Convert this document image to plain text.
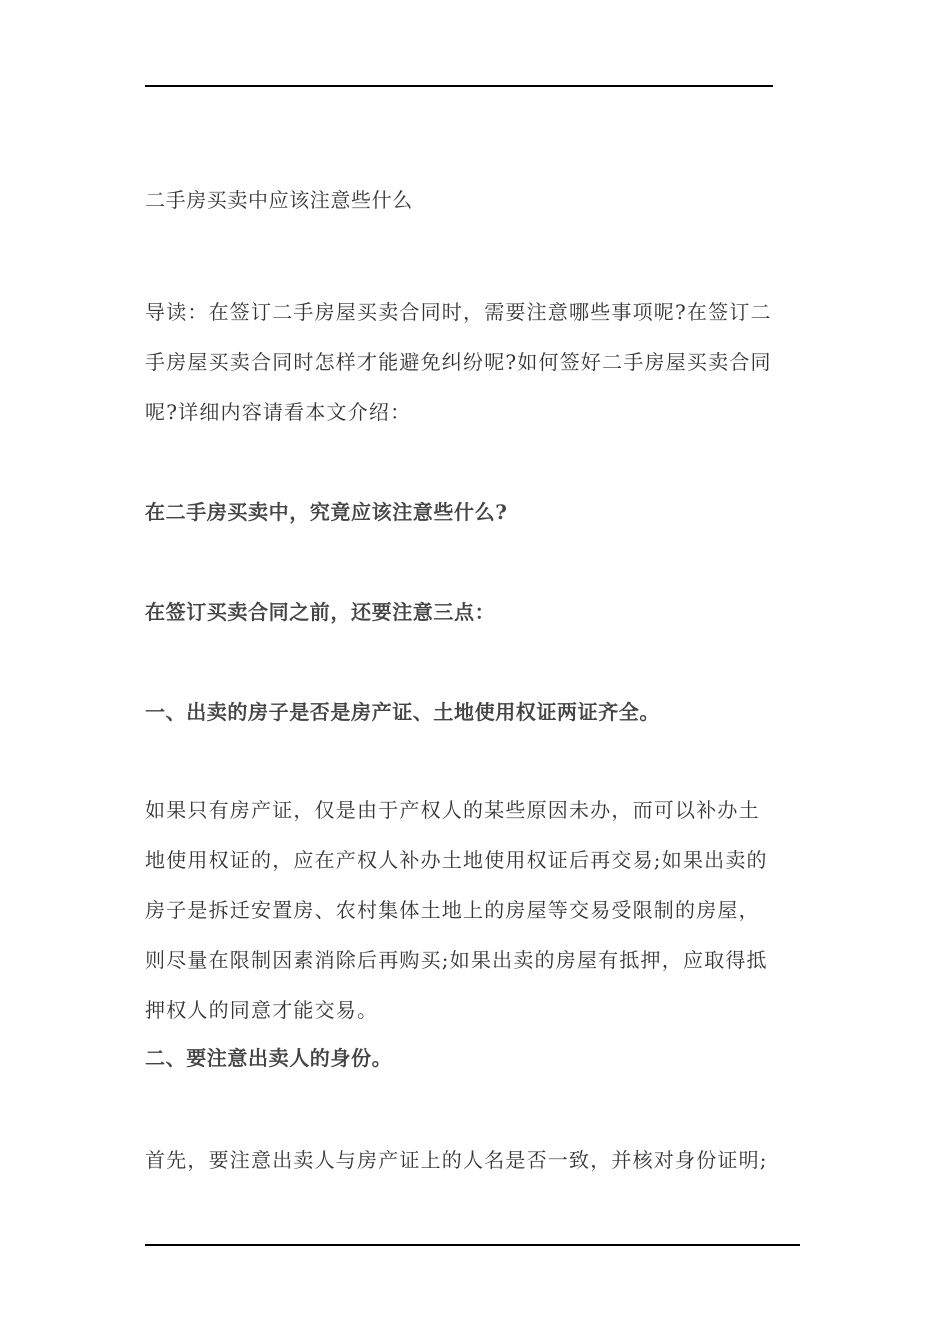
二手房买卖中应该注意些什么
导读：在签订二手房屋买卖合同时，需要注意哪些事项呢?在签订二
手房屋买卖合同时怎样才能避免纠纷呢?如何签好二手房屋买卖合同
呢?详细内容请看本文介绍：
在二手房买卖中，究竟应该注意些什么?
在签订买卖合同之前，还要注意三点：
一、出卖的房子是否是房产证、土地使用权证两证齐全。
如果只有房产证，仅是由于产权人的某些原因未办，而可以补办土
地使用权证的，应在产权人补办土地使用权证后再交易;如果出卖的
房子是拆迁安置房、农村集体土地上的房屋等交易受限制的房屋，
则尽量在限制因素消除后再购买;如果出卖的房屋有抵押，应取得抵
押权人的同意才能交易。
二、要注意出卖人的身份。
首先，要注意出卖人与房产证上的人名是否一致，并核对身份证明;
